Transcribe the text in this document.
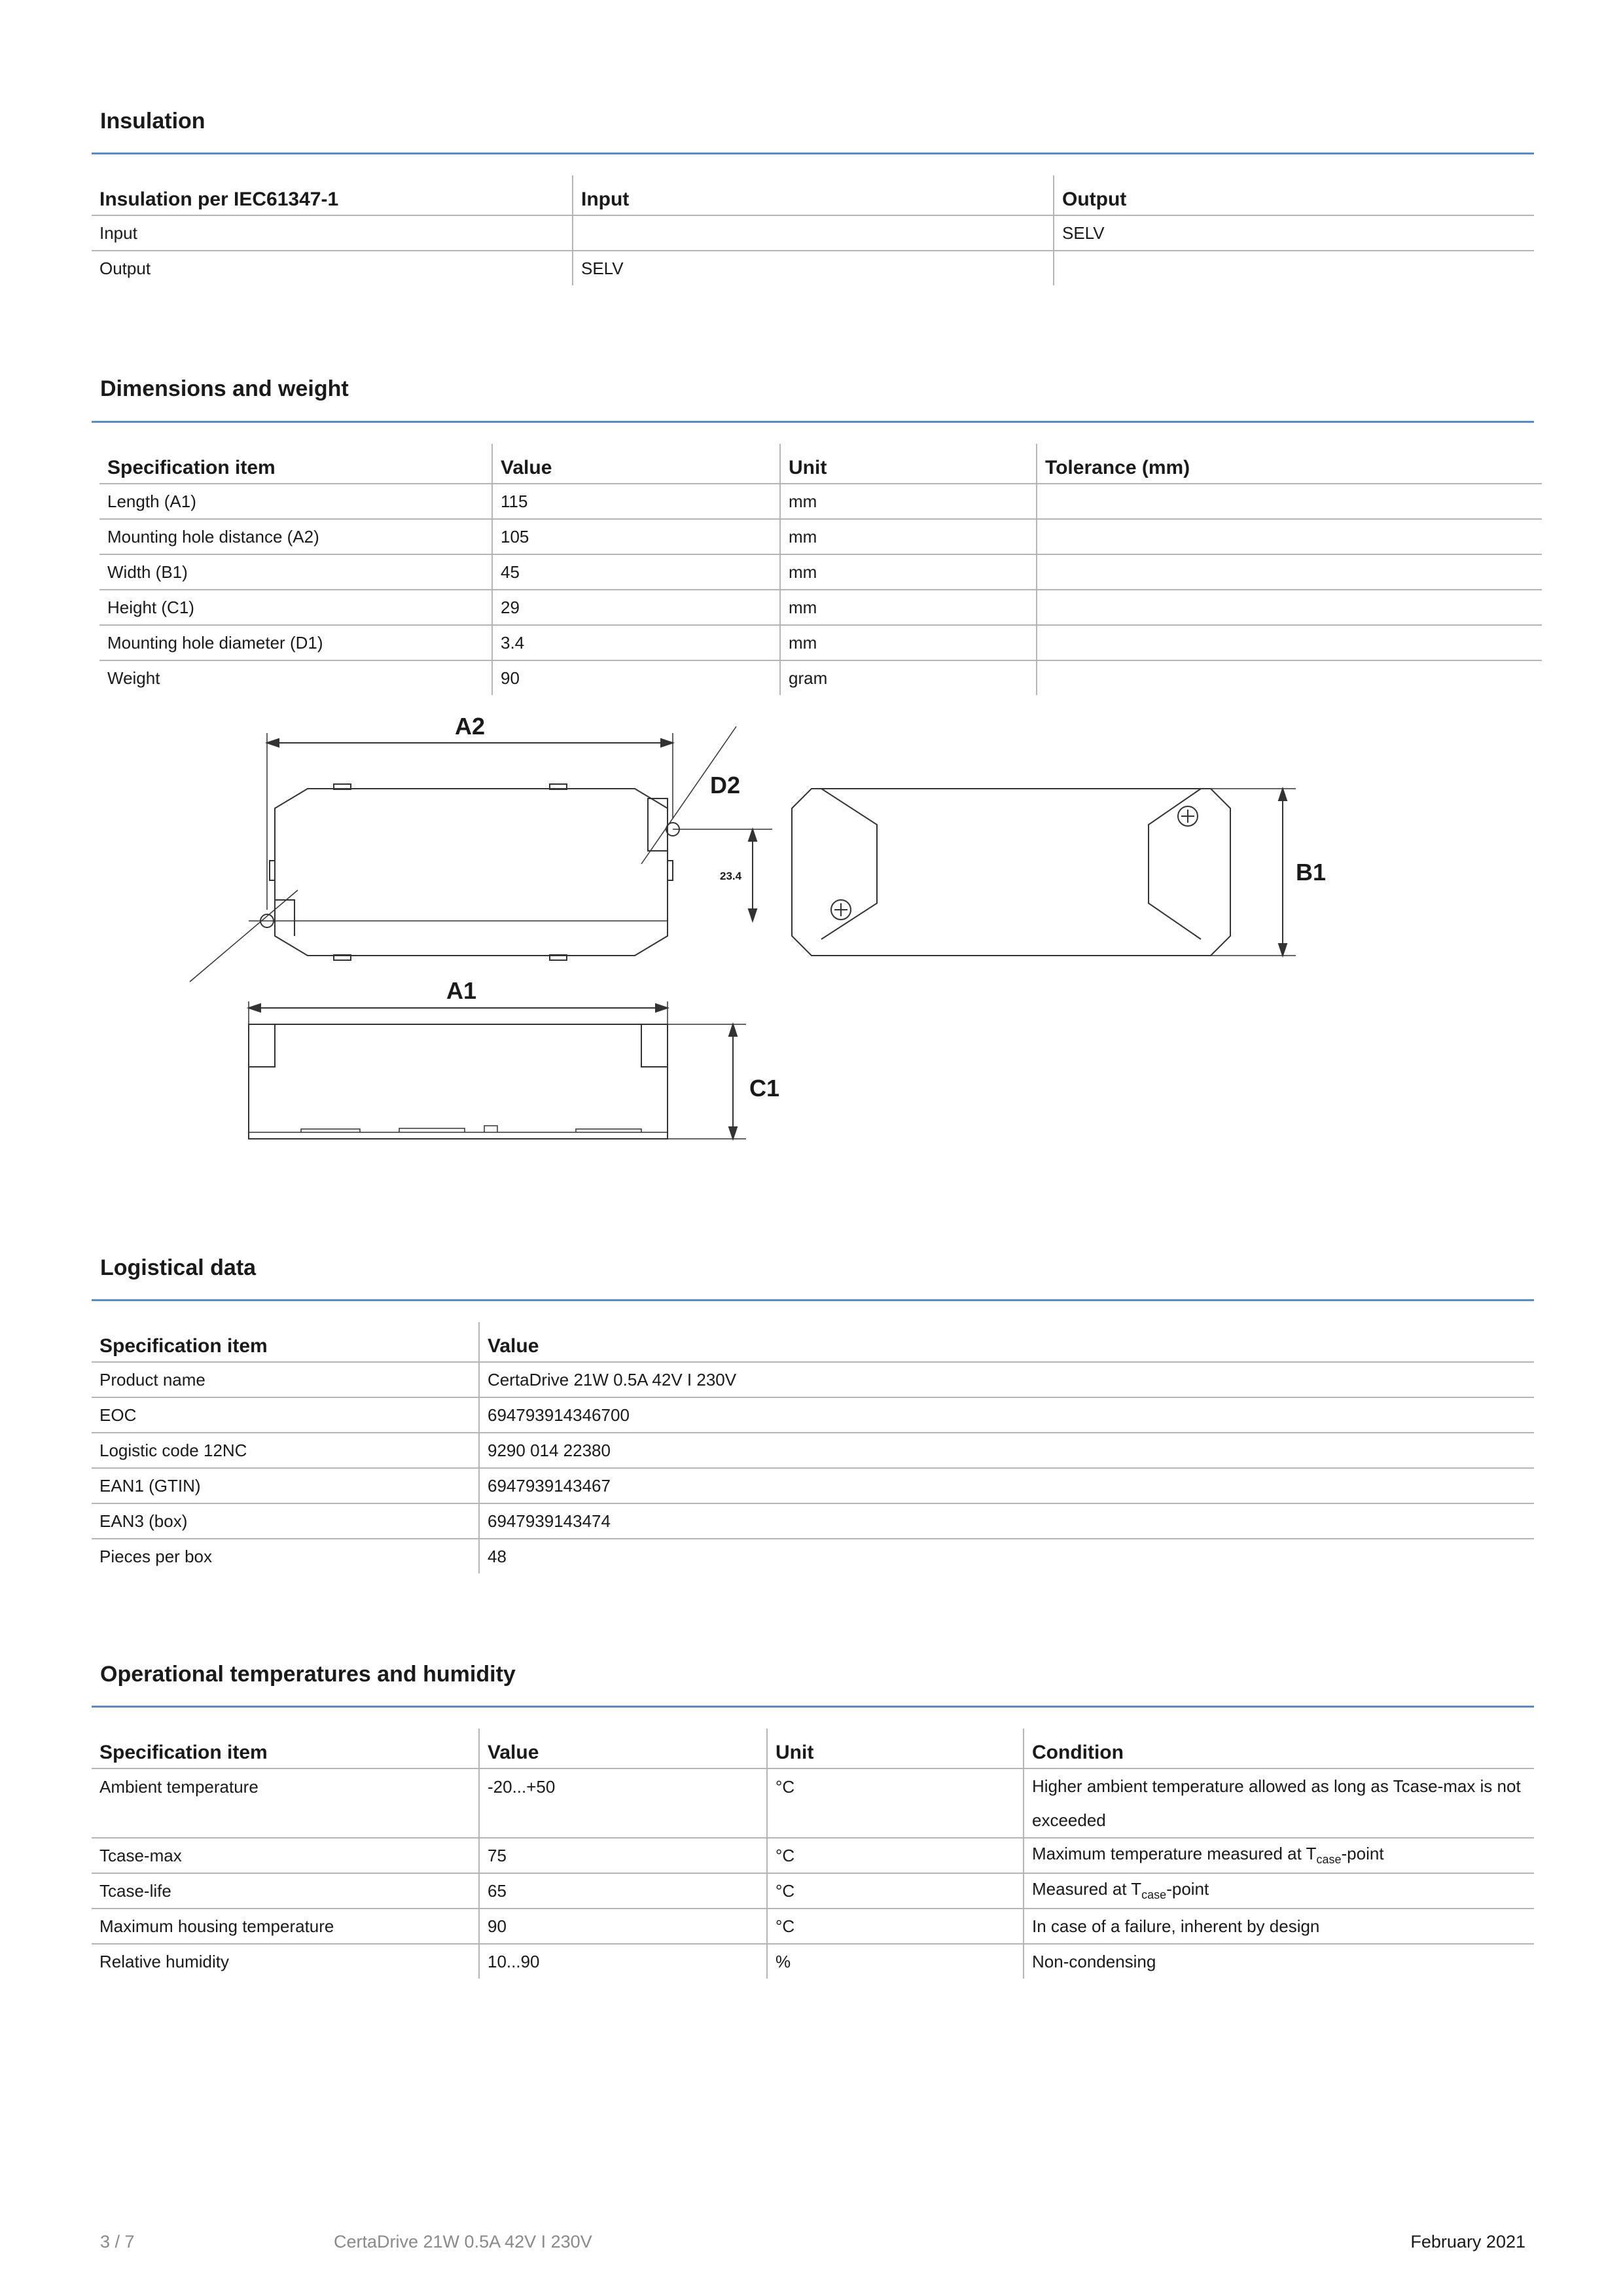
Insulation
Insulation per IEC61347-1	Input	Output
Input		SELV
Output	SELV	
Dimensions and weight
Specification item	Value	Unit	Tolerance (mm)
Length (A1)	115	mm	
Mounting hole distance (A2)	105	mm	
Width (B1)	45	mm	
Height (C1)	29	mm	
Mounting hole diameter (D1)	3.4	mm	
Weight	90	gram	
A2
D2
23.4	B1
A1
C1
Logistical data
Specification item	Value
Product name	CertaDrive 21W 0.5A 42V I 230V
EOC	694793914346700
Logistic code 12NC	9290 014 22380
EAN1 (GTIN)	6947939143467
EAN3 (box)	6947939143474
Pieces per box	48
Operational temperatures and humidity
Specification item	Value	Unit	Condition
Ambient temperature	-20...+50	°C	Higher ambient temperature allowed as long as Tcase-max is not exceeded
Tcase-max	75	°C	Maximum temperature measured at $T_{case}$-point
Tcase-life	65	°C	Measured at $T_{case}$-point
Maximum housing temperature	90	°C	In case of a failure, inherent by design
Relative humidity	10...90	%	Non-condensing
3 / 7	CertaDrive 21W 0.5A 42V I 230V	February 2021
